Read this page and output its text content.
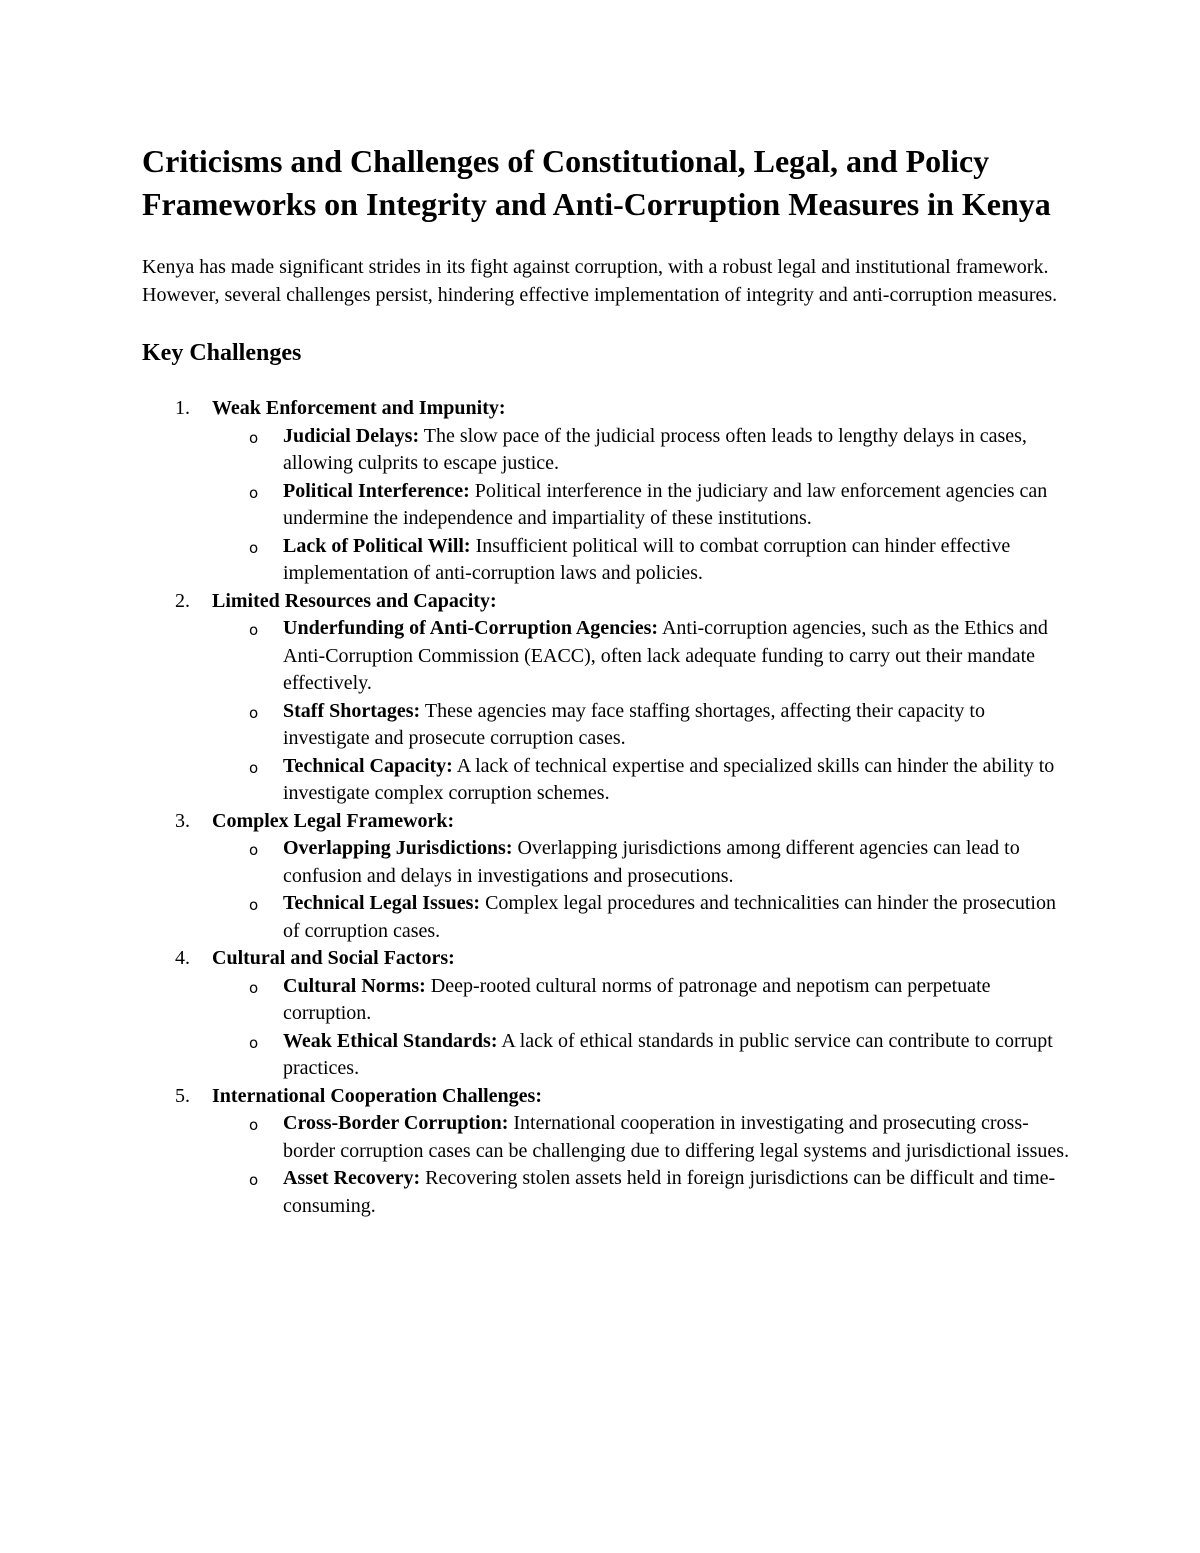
Criticisms and Challenges of Constitutional, Legal, and Policy Frameworks on Integrity and Anti-Corruption Measures in Kenya

Kenya has made significant strides in its fight against corruption, with a robust legal and institutional framework. However, several challenges persist, hindering effective implementation of integrity and anti-corruption measures.

Key Challenges
1. Weak Enforcement and Impunity:
o Judicial Delays: The slow pace of the judicial process often leads to lengthy delays in cases, allowing culprits to escape justice.
o Political Interference: Political interference in the judiciary and law enforcement agencies can undermine the independence and impartiality of these institutions.
o Lack of Political Will: Insufficient political will to combat corruption can hinder effective implementation of anti-corruption laws and policies.
2. Limited Resources and Capacity:
o Underfunding of Anti-Corruption Agencies: Anti-corruption agencies, such as the Ethics and Anti-Corruption Commission (EACC), often lack adequate funding to carry out their mandate effectively.
o Staff Shortages: These agencies may face staffing shortages, affecting their capacity to investigate and prosecute corruption cases.
o Technical Capacity: A lack of technical expertise and specialized skills can hinder the ability to investigate complex corruption schemes.
3. Complex Legal Framework:
o Overlapping Jurisdictions: Overlapping jurisdictions among different agencies can lead to confusion and delays in investigations and prosecutions.
o Technical Legal Issues: Complex legal procedures and technicalities can hinder the prosecution of corruption cases.
4. Cultural and Social Factors:
o Cultural Norms: Deep-rooted cultural norms of patronage and nepotism can perpetuate corruption.
o Weak Ethical Standards: A lack of ethical standards in public service can contribute to corrupt practices.
5. International Cooperation Challenges:
o Cross-Border Corruption: International cooperation in investigating and prosecuting cross-border corruption cases can be challenging due to differing legal systems and jurisdictional issues.
o Asset Recovery: Recovering stolen assets held in foreign jurisdictions can be difficult and time-consuming.
